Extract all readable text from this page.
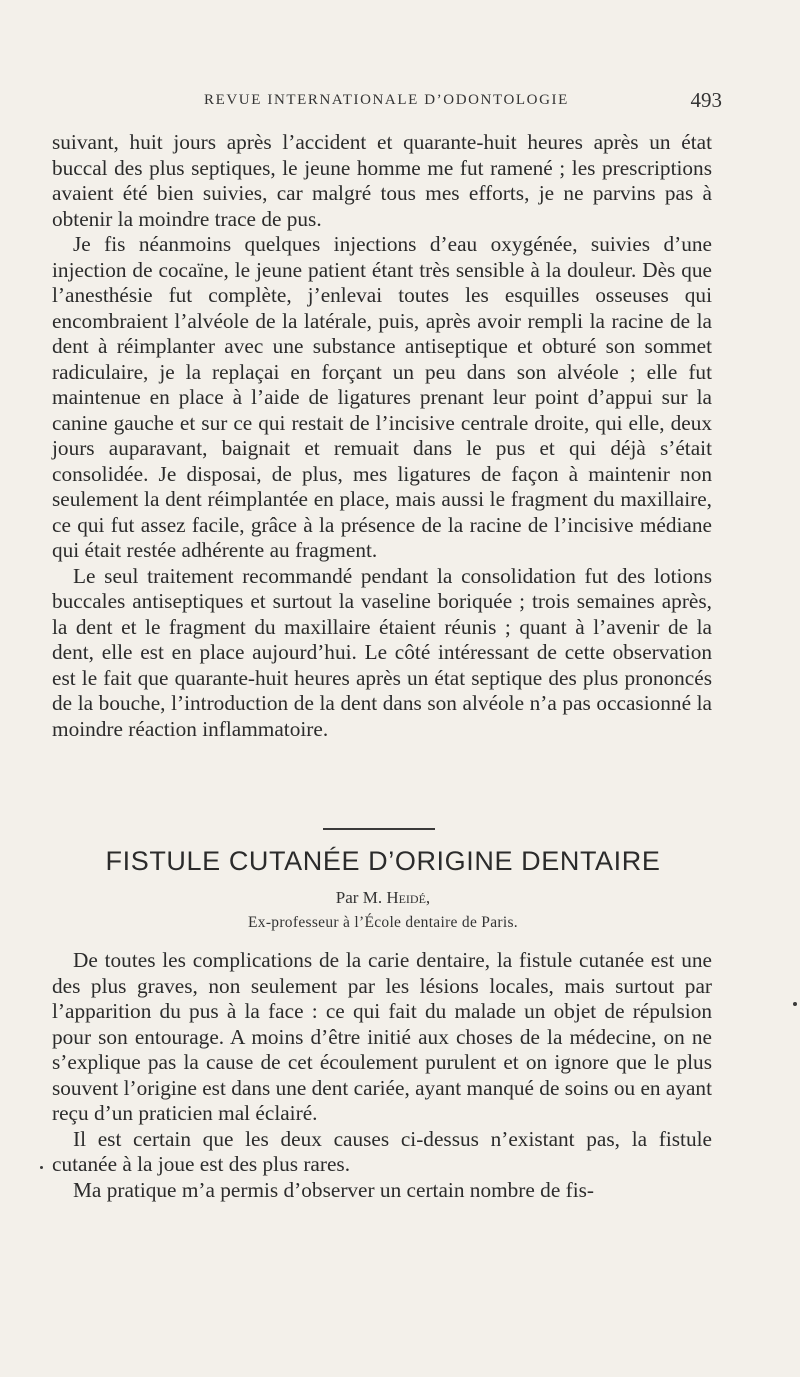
REVUE INTERNATIONALE D’ODONTOLOGIE	493

suivant, huit jours après l’accident et quarante-huit heures après un état buccal des plus septiques, le jeune homme me fut ramené ; les prescriptions avaient été bien suivies, car malgré tous mes efforts, je ne parvins pas à obtenir la moindre trace de pus.

Je fis néanmoins quelques injections d’eau oxygénée, suivies d’une injection de cocaïne, le jeune patient étant très sensible à la douleur. Dès que l’anesthésie fut complète, j’enlevai toutes les esquilles osseuses qui encombraient l’alvéole de la latérale, puis, après avoir rempli la racine de la dent à réimplanter avec une substance antiseptique et obturé son sommet radiculaire, je la replaçai en forçant un peu dans son alvéole ; elle fut maintenue en place à l’aide de ligatures prenant leur point d’appui sur la canine gauche et sur ce qui restait de l’incisive centrale droite, qui elle, deux jours auparavant, baignait et remuait dans le pus et qui déjà s’était consolidée. Je disposai, de plus, mes ligatures de façon à maintenir non seulement la dent réimplantée en place, mais aussi le fragment du maxillaire, ce qui fut assez facile, grâce à la présence de la racine de l’incisive médiane qui était restée adhérente au fragment.

Le seul traitement recommandé pendant la consolidation fut des lotions buccales antiseptiques et surtout la vaseline boriquée ; trois semaines après, la dent et le fragment du maxillaire étaient réunis ; quant à l’avenir de la dent, elle est en place aujourd’hui. Le côté intéressant de cette observation est le fait que quarante-huit heures après un état septique des plus prononcés de la bouche, l’introduction de la dent dans son alvéole n’a pas occasionné la moindre réaction inflammatoire.

FISTULE CUTANÉE D’ORIGINE DENTAIRE
Par M. Heidé,
Ex-professeur à l’École dentaire de Paris.

De toutes les complications de la carie dentaire, la fistule cutanée est une des plus graves, non seulement par les lésions locales, mais surtout par l’apparition du pus à la face : ce qui fait du malade un objet de répulsion pour son entourage. A moins d’être initié aux choses de la médecine, on ne s’explique pas la cause de cet écoulement purulent et on ignore que le plus souvent l’origine est dans une dent cariée, ayant manqué de soins ou en ayant reçu d’un praticien mal éclairé.

Il est certain que les deux causes ci-dessus n’existant pas, la fistule cutanée à la joue est des plus rares.

Ma pratique m’a permis d’observer un certain nombre de fis-
